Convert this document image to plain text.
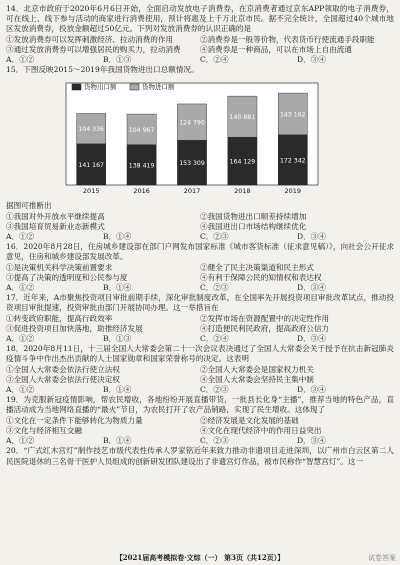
14．北京市政府于2020年6月6日开始，全面启动发放电子消费券，在京消费者通过京东APP领取的电子消费券，可在线上、线下参与活动的商家进行消费使用，预计将惠及上千万北京市民。据不完全统计，全国超过40个城市地区发放消费券，投放金额超过50亿元。下列对发放消费券的认识正确的是

①发放消费券可以发挥刺激经济、拉动消费的作用	②消费券是一般等价物，代表货币行使流通手段职能
③通过发放消费券可以增强居民的购买力，拉动消费	④消费券是一种商品，可以在市场上自由流通
A．①②	B．①③	C．②④	D．③④

15．下图反映2015～2019年我国货物进出口总额情况。

货物出口额	货物进口额
141 167
104 336
2015
138 419
104 967
2016
153 309
124 790
2017
164 129
140 881
2018
172 342
143 162
2019

据图可推断出

①我国对外开放水平继续提高	②我国货物进出口顺差持续增加
③我国培育贸易新业态新模式	④我国进出口市场结构继续优化
A．①②	B．①④	C．②③	D．③④

16．2020年8月28日，住房城乡建设部在部门户网发布国家标准《城市客货标准（征求意见稿）》，向社会公开征求意见，住房和城乡建设部发展改革。

①是决策机关科学决策前置要求	②健全了民主决策渠道和民主形式
③提高了决策的透明度和公民参与度	④有利于保障公民的知情权和表达权
A．①②	B．①④	C．②③	D．③④

17．近年来，A市聚焦投资项目审批前期手续，深化审批制度改革，在全国率先开展投资项目审批改革试点，推动投资项目审批提速，投资审批由部门开展协同办理。这一举措旨在

①转变政府职能，提高行政效率	②发挥市场在资源配置中的决定性作用
③促进投资项目加快落地，助推经济发展	④打造便民利民政府，提高政府公信力
A．①②	B．①③	C．②④	D．③④

18．2020年8月11日，十三届全国人大常委会第二十一次会议表决通过了全国人大常委会关于授予在抗击新冠肺炎疫情斗争中作出杰出贡献的人士国家勋章和国家荣誉称号的决定。这表明

①全国人大常委会依法行使立法权	②全国人大常委会是国家权力机关
③全国人大常委会依法行使决定权	④全国人大常委会坚持民主集中制
A．①②	B．①④	C．②③	D．③④

19．为克服新冠疫情影响，帮农民增收，各地纷纷开展直播带货，一批县长化身“主播”，推荐当地的特色产品，直播活动成为当地网络直播的“最火”节目，为农民打开了农产品销路，实现了民生增收。这体现了

①文化在一定条件下能够转化为物质力量	②经济发展是文化发展的基础
③文化与经济相互交融	④文化在现代经济中的作用日益突出
A．①②	B．①④	C．②③	D．③④

20．“广式红木宫灯”制作技艺市级代表性传承人罗家铭近年来致力推动非遗项目走进深圳，以广州市白云区第二人民医院退休的三名骨干医护人员组成的创新研发团队建设出了非遗宫灯作品，被市民称作“智慧宫灯”。这一

【2021届高考模拟卷·文综（一） 第3页（共12页）】	试卷答案
